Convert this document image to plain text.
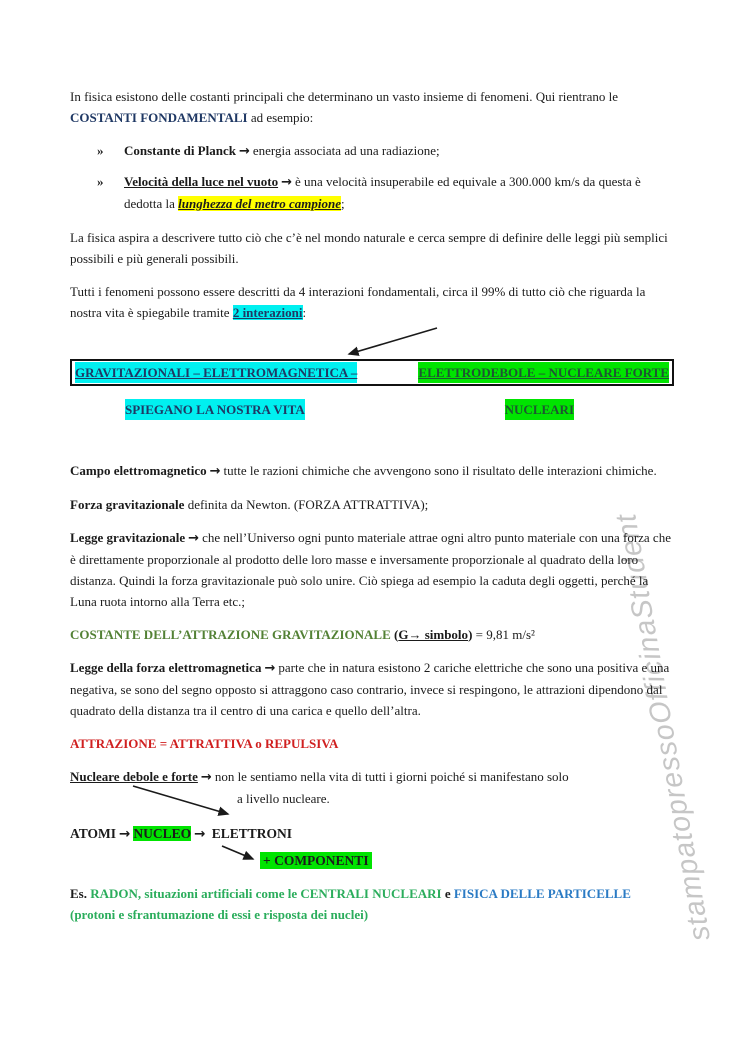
stampatopressoOfficinaStudent

In fisica esistono delle costanti principali che determinano un vasto insieme di fenomeni. Qui rientrano le COSTANTI FONDAMENTALI ad esempio:

»	Constante di Planck → energia associata ad una radiazione;
»	Velocità della luce nel vuoto → è una velocità insuperabile ed equivale a 300.000 km/s da questa è dedotta la lunghezza del metro campione;

La fisica aspira a descrivere tutto ciò che c’è nel mondo naturale e cerca sempre di definire delle leggi più semplici possibili e più generali possibili.

Tutti i fenomeni possono essere descritti da 4 interazioni fondamentali, circa il 99% di tutto ciò che riguarda la nostra vita è spiegabile tramite 2 interazioni:

GRAVITAZIONALI – ELETTROMAGNETICA –	ELETTRODEBOLE – NUCLEARE FORTE
SPIEGANO LA NOSTRA VITA	NUCLEARI

Campo elettromagnetico → tutte le razioni chimiche che avvengono sono il risultato delle interazioni chimiche.

Forza gravitazionale definita da Newton. (FORZA ATTRATTIVA);

Legge gravitazionale → che nell’Universo ogni punto materiale attrae ogni altro punto materiale con una forza che è direttamente proporzionale al prodotto delle loro masse e inversamente proporzionale al quadrato della loro distanza. Quindi la forza gravitazionale può solo unire. Ciò spiega ad esempio la caduta degli oggetti, perché la Luna ruota intorno alla Terra etc.;

COSTANTE DELL’ATTRAZIONE GRAVITAZIONALE (G→ simbolo) = 9,81 m/s²

Legge della forza elettromagnetica → parte che in natura esistono 2 cariche elettriche che sono una positiva e una negativa, se sono del segno opposto si attraggono caso contrario, invece si respingono, le attrazioni dipendono dal quadrato della distanza tra il centro di una carica e quello dell’altra.

ATTRAZIONE = ATTRATTIVA o REPULSIVA

Nucleare debole e forte → non le sentiamo nella vita di tutti i giorni poiché si manifestano solo
a livello nucleare.
ATOMI → NUCLEO → ELETTRONI
+ COMPONENTI

Es. RADON, situazioni artificiali come le CENTRALI NUCLEARI e FISICA DELLE PARTICELLE (protoni e sfrantumazione di essi e risposta dei nuclei)
